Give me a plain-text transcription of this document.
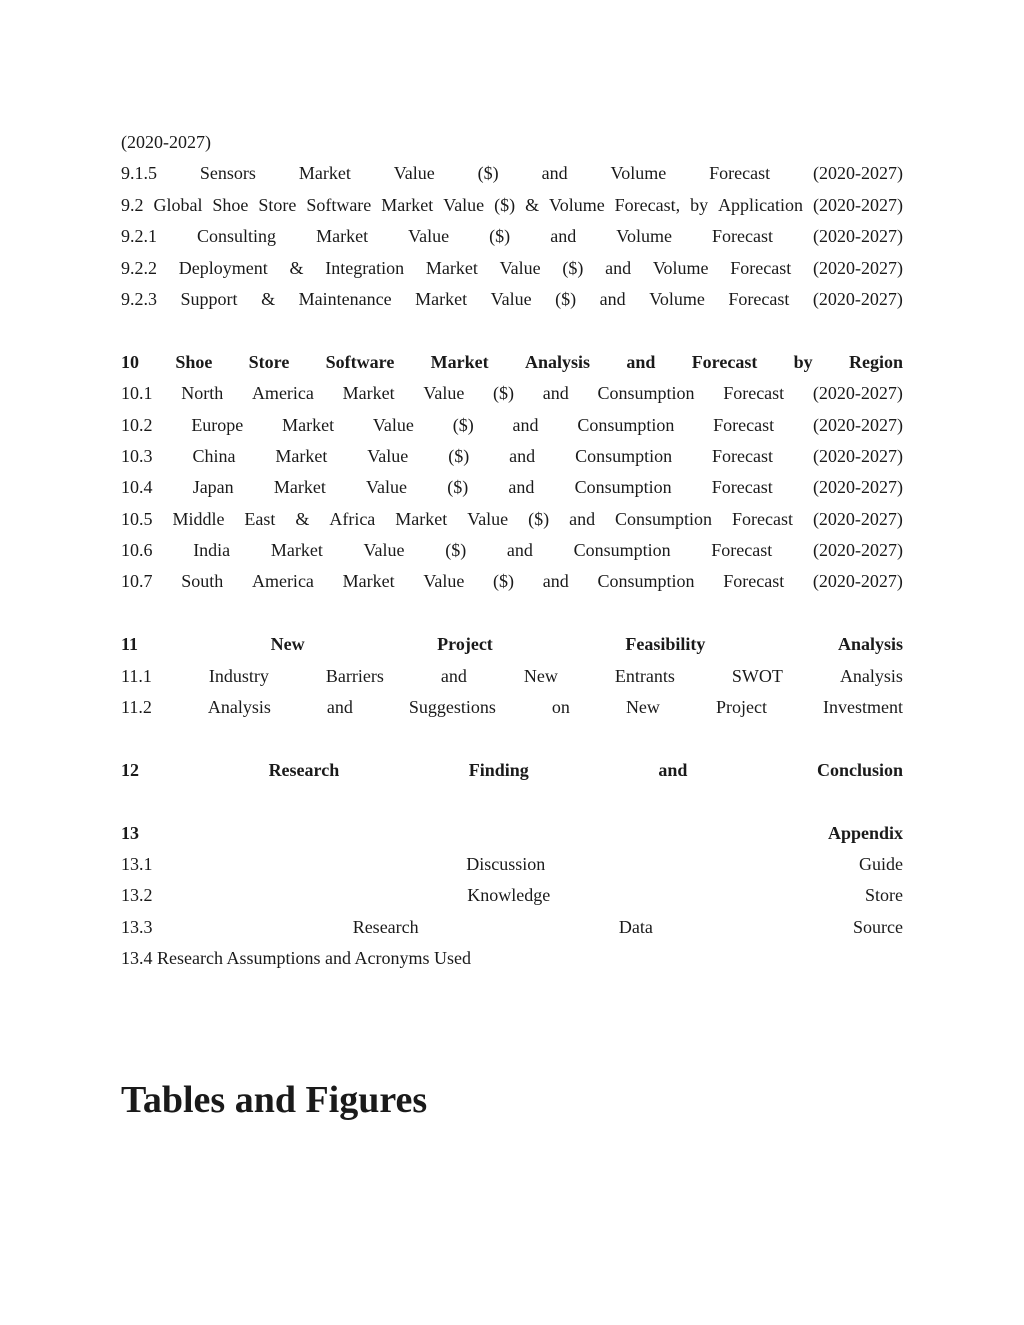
(2020-2027)
9.1.5 Sensors Market Value ($) and Volume Forecast (2020-2027)
9.2 Global Shoe Store Software Market Value ($) & Volume Forecast, by Application (2020-2027)
9.2.1 Consulting Market Value ($) and Volume Forecast (2020-2027)
9.2.2 Deployment & Integration Market Value ($) and Volume Forecast (2020-2027)
9.2.3 Support & Maintenance Market Value ($) and Volume Forecast (2020-2027)
10 Shoe Store Software Market Analysis and Forecast by Region
10.1 North America Market Value ($) and Consumption Forecast (2020-2027)
10.2 Europe Market Value ($) and Consumption Forecast (2020-2027)
10.3 China Market Value ($) and Consumption Forecast (2020-2027)
10.4 Japan Market Value ($) and Consumption Forecast (2020-2027)
10.5 Middle East & Africa Market Value ($) and Consumption Forecast (2020-2027)
10.6 India Market Value ($) and Consumption Forecast (2020-2027)
10.7 South America Market Value ($) and Consumption Forecast (2020-2027)
11	New	Project	Feasibility	Analysis
11.1	Industry	Barriers	and	New	Entrants	SWOT	Analysis
11.2	Analysis	and	Suggestions	on	New	Project	Investment
12	Research	Finding	and	Conclusion
13	Appendix
13.1	Discussion	Guide
13.2	Knowledge	Store
13.3	Research	Data	Source
13.4 Research Assumptions and Acronyms Used
Tables and Figures
